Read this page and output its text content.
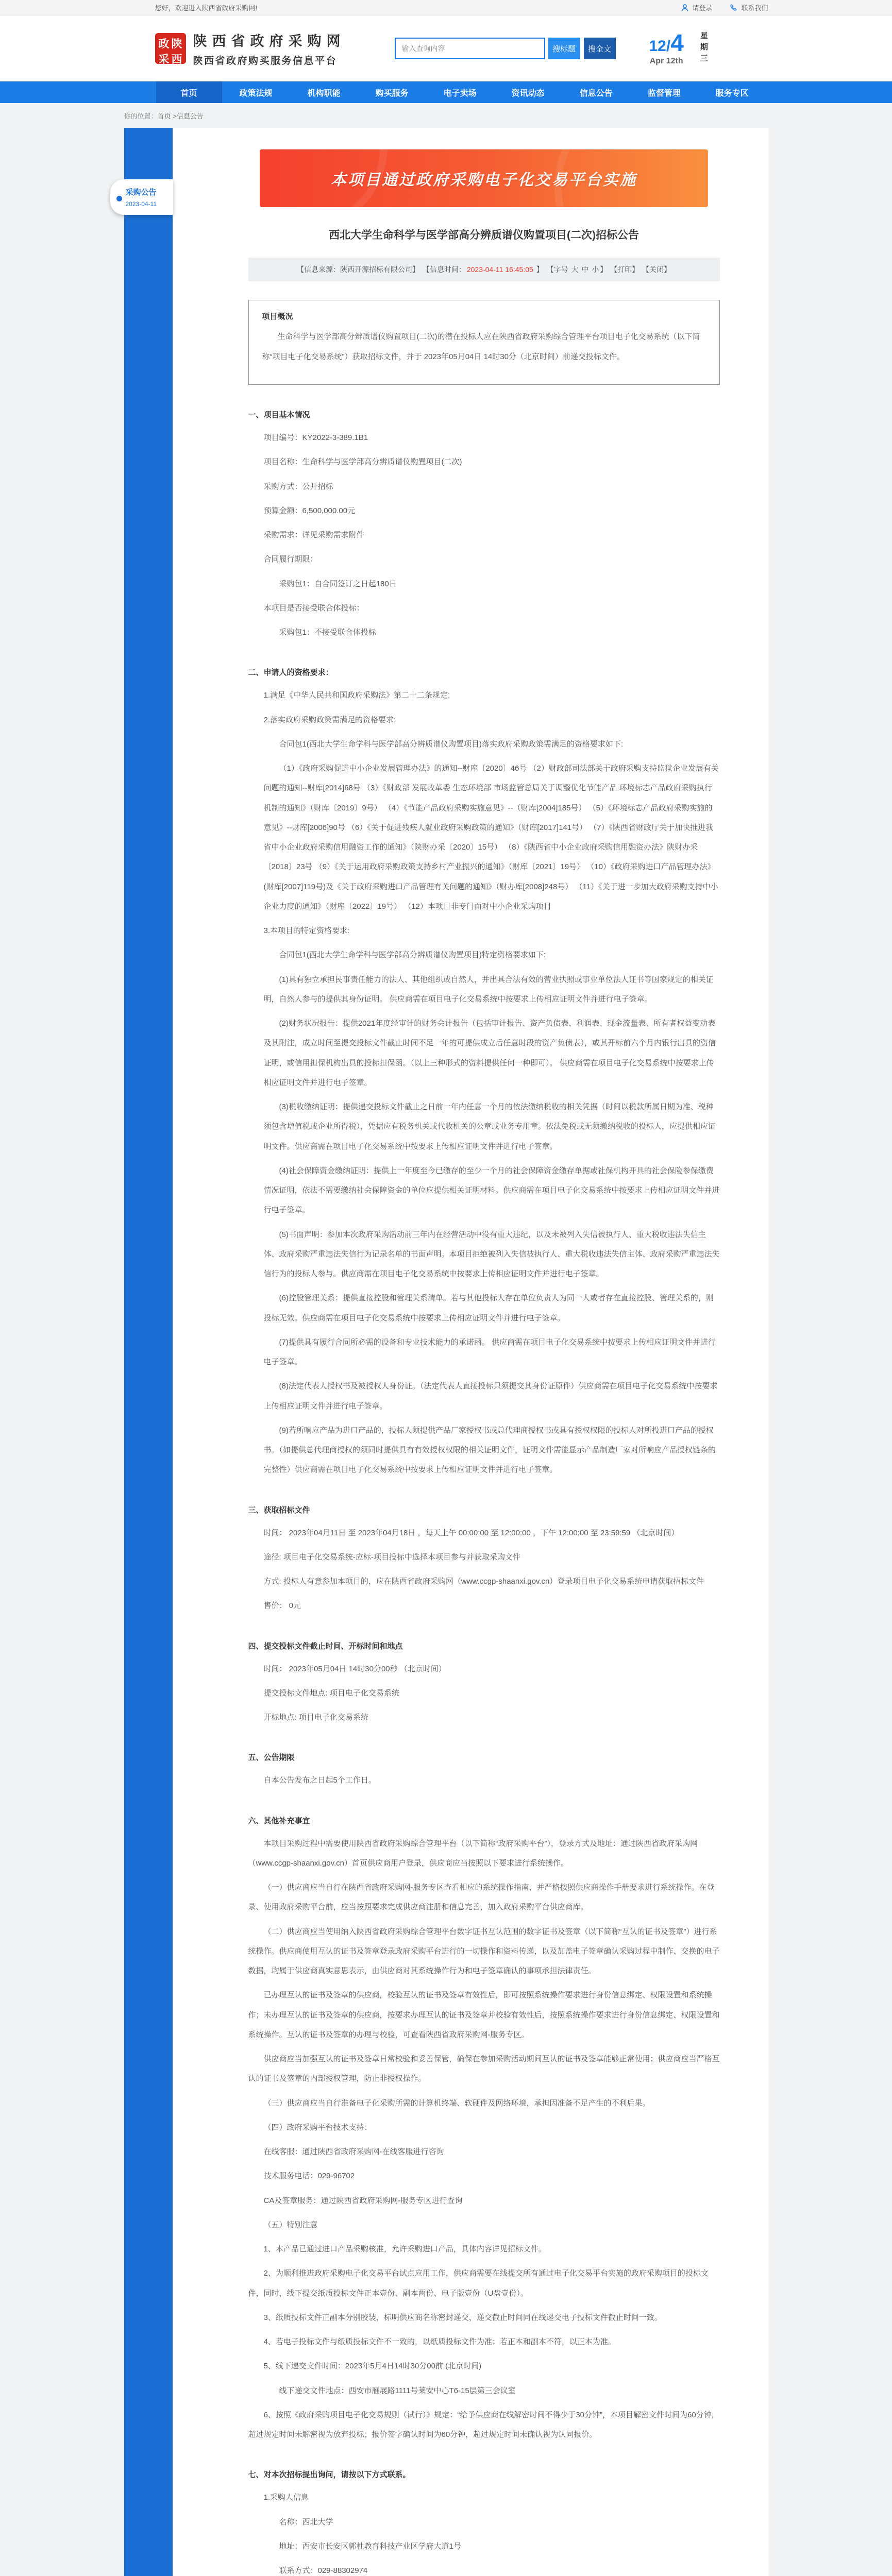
您好，欢迎进入陕西省政府采购网!	请登录	联系我们
政 陕
采 西
陕西省政府采购网
陕西省政府购买服务信息平台
输入查询内容
搜标题	搜全文 12/4
Apr 12th 星期三
首页	政策法规	机构职能	购买服务	电子卖场	资讯动态	信息公告	监督管理	服务专区
你的位置：首页 >信息公告
采购公告
2023-04-11
本项目通过政府采购电子化交易平台实施
西北大学生命科学与医学部高分辨质谱仪购置项目(二次)招标公告
【信息来源：陕西开源招标有限公司】 【信息时间： 2023-04-11 16:45:05 】 【字号 大 中 小 】 【打印】 【关闭】
项目概况

生命科学与医学部高分辨质谱仪购置项目(二次)的潜在投标人应在陕西省政府采购综合管理平台项目电子化交易系统（以下简称“项目电子化交易系统”）获取招标文件，并于 2023年05月04日 14时30分（北京时间）前递交投标文件。

一、项目基本情况

项目编号：KY2022-3-389.1B1

项目名称：生命科学与医学部高分辨质谱仪购置项目(二次)

采购方式：公开招标

预算金额：6,500,000.00元

采购需求：详见采购需求附件

合同履行期限：

采购包1：自合同签订之日起180日

本项目是否接受联合体投标：

采购包1：不接受联合体投标

二、申请人的资格要求：

1.满足《中华人民共和国政府采购法》第二十二条规定;

2.落实政府采购政策需满足的资格要求:

合同包1(西北大学生命学科与医学部高分辨质谱仪购置项目)落实政府采购政策需满足的资格要求如下:

（1）《政府采购促进中小企业发展管理办法》的通知--财库〔2020〕46号 （2）财政部司法部关于政府采购支持监狱企业发展有关问题的通知--财库[2014]68号 （3）《财政部 发展改革委 生态环境部 市场监管总局关于调整优化节能产品 环境标志产品政府采购执行机制的通知》（财库〔2019〕9号） （4）《节能产品政府采购实施意见》--（财库[2004]185号） （5）《环境标志产品政府采购实施的意见》--财库[2006]90号 （6）《关于促进残疾人就业政府采购政策的通知》（财库[2017]141号） （7）《陕西省财政厅关于加快推进我省中小企业政府采购信用融资工作的通知》（陕财办采〔2020〕15号） （8）《陕西省中小企业政府采购信用融资办法》陕财办采〔2018〕23号 （9）《关于运用政府采购政策支持乡村产业振兴的通知》（财库〔2021〕19号） （10）《政府采购进口产品管理办法》(财库[2007]119号)及《关于政府采购进口产品管理有关问题的通知》（财办库[2008]248号） （11）《关于进一步加大政府采购支持中小企业力度的通知》（财库〔2022〕19号） （12）本项目非专门面对中小企业采购项目

3.本项目的特定资格要求:

合同包1(西北大学生命学科与医学部高分辨质谱仪购置项目)特定资格要求如下:

(1)具有独立承担民事责任能力的法人、其他组织或自然人，并出具合法有效的营业执照或事业单位法人证书等国家规定的相关证明，自然人参与的提供其身份证明。 供应商需在项目电子化交易系统中按要求上传相应证明文件并进行电子签章。

(2)财务状况报告：提供2021年度经审计的财务会计报告（包括审计报告、资产负债表、利润表、现金流量表、所有者权益变动表及其附注，成立时间至提交投标文件截止时间不足一年的可提供成立后任意时段的资产负债表），或其开标前六个月内银行出具的资信证明，或信用担保机构出具的投标担保函。（以上三种形式的资料提供任何一种即可）。 供应商需在项目电子化交易系统中按要求上传相应证明文件并进行电子签章。

(3)税收缴纳证明：提供递交投标文件截止之日前一年内任意一个月的依法缴纳税收的相关凭据（时间以税款所属日期为准、税种须包含增值税或企业所得税），凭据应有税务机关或代收机关的公章或业务专用章。依法免税或无须缴纳税收的投标人，应提供相应证明文件。供应商需在项目电子化交易系统中按要求上传相应证明文件并进行电子签章。

(4)社会保障资金缴纳证明：提供上一年度至今已缴存的至少一个月的社会保障资金缴存单据或社保机构开具的社会保险参保缴费情况证明，依法不需要缴纳社会保障资金的单位应提供相关证明材料。供应商需在项目电子化交易系统中按要求上传相应证明文件并进行电子签章。

(5)书面声明：参加本次政府采购活动前三年内在经营活动中没有重大违纪，以及未被列入失信被执行人、重大税收违法失信主体、政府采购严重违法失信行为记录名单的书面声明。本项目拒绝被列入失信被执行人、重大税收违法失信主体、政府采购严重违法失信行为的投标人参与。供应商需在项目电子化交易系统中按要求上传相应证明文件并进行电子签章。

(6)控股管理关系：提供直接控股和管理关系清单。若与其他投标人存在单位负责人为同一人或者存在直接控股、管理关系的，则投标无效。供应商需在项目电子化交易系统中按要求上传相应证明文件并进行电子签章。

(7)提供具有履行合同所必需的设备和专业技术能力的承诺函。 供应商需在项目电子化交易系统中按要求上传相应证明文件并进行电子签章。

(8)法定代表人授权书及被授权人身份证。（法定代表人直接投标只须提交其身份证原件）供应商需在项目电子化交易系统中按要求上传相应证明文件并进行电子签章。

(9)若所响应产品为进口产品的，投标人须提供产品厂家授权书或总代理商授权书或具有授权权限的投标人对所投进口产品的授权书。（如提供总代理商授权的须同时提供具有有效授权权限的相关证明文件，证明文件需能显示产品制造厂家对所响应产品授权链条的完整性）供应商需在项目电子化交易系统中按要求上传相应证明文件并进行电子签章。

三、获取招标文件

时间： 2023年04月11日 至 2023年04月18日 ，每天上午 00:00:00 至 12:00:00 ，下午 12:00:00 至 23:59:59 （北京时间）

途径: 项目电子化交易系统-应标-项目投标中选择本项目参与并获取采购文件

方式: 投标人有意参加本项目的，应在陕西省政府采购网（www.ccgp-shaanxi.gov.cn）登录项目电子化交易系统申请获取招标文件

售价： 0元

四、提交投标文件截止时间、开标时间和地点

时间： 2023年05月04日 14时30分00秒 （北京时间）

提交投标文件地点: 项目电子化交易系统

开标地点: 项目电子化交易系统

五、公告期限

自本公告发布之日起5个工作日。

六、其他补充事宜

本项目采购过程中需要使用陕西省政府采购综合管理平台（以下简称“政府采购平台”），登录方式及地址：通过陕西省政府采购网（www.ccgp-shaanxi.gov.cn）首页供应商用户登录，供应商应当按照以下要求进行系统操作。

（一）供应商应当自行在陕西省政府采购网-服务专区查看相应的系统操作指南，并严格按照供应商操作手册要求进行系统操作。在登录、使用政府采购平台前，应当按照要求完成供应商注册和信息完善，加入政府采购平台供应商库。

（二）供应商应当使用纳入陕西省政府采购综合管理平台数字证书互认范围的数字证书及签章（以下简称“互认的证书及签章”）进行系统操作。供应商使用互认的证书及签章登录政府采购平台进行的一切操作和资料传递，以及加盖电子签章确认采购过程中制作、交换的电子数据，均属于供应商真实意思表示，由供应商对其系统操作行为和电子签章确认的事项承担法律责任。

已办理互认的证书及签章的供应商，校验互认的证书及签章有效性后，即可按照系统操作要求进行身份信息绑定、权限设置和系统操作；未办理互认的证书及签章的供应商，按要求办理互认的证书及签章并校验有效性后，按照系统操作要求进行身份信息绑定、权限设置和系统操作。互认的证书及签章的办理与校验，可查看陕西省政府采购网-服务专区。

供应商应当加强互认的证书及签章日常校验和妥善保管，确保在参加采购活动期间互认的证书及签章能够正常使用；供应商应当严格互认的证书及签章的内部授权管理，防止非授权操作。

（三）供应商应当自行准备电子化采购所需的计算机终端、软硬件及网络环境，承担因准备不足产生的不利后果。

（四）政府采购平台技术支持：

在线客服：通过陕西省政府采购网-在线客服进行咨询

技术服务电话：029-96702

CA及签章服务：通过陕西省政府采购网-服务专区进行查询

（五）特别注意

1、本产品已通过进口产品采购核准，允许采购进口产品，具体内容详见招标文件。

2、为顺利推进政府采购电子化交易平台试点应用工作，供应商需要在线提交所有通过电子化交易平台实施的政府采购项目的投标文件，同时，线下提交纸质投标文件正本壹份、副本两份、电子版壹份（U盘壹份）。

3、纸质投标文件正副本分别胶装，标明供应商名称密封递交，递交截止时间同在线递交电子投标文件截止时间一致。

4、若电子投标文件与纸质投标文件不一致的，以纸质投标文件为准；若正本和副本不符，以正本为准。

5、线下递交文件时间：2023年5月4日14时30分00前 (北京时间)

线下递交文件地点：西安市雁展路1111号莱安中心T6-15层第三会议室

6、按照《政府采购项目电子化交易规则（试行）》规定：“给予供应商在线解密时间不得少于30分钟”，本项目解密文件时间为60分钟，超过规定时间未解密视为放弃投标；报价签字确认时间为60分钟，超过规定时间未确认视为认同报价。

七、对本次招标提出询问，请按以下方式联系。

1.采购人信息

名称：西北大学

地址：西安市长安区郭杜教育科技产业区学府大道1号

联系方式：029-88302974
